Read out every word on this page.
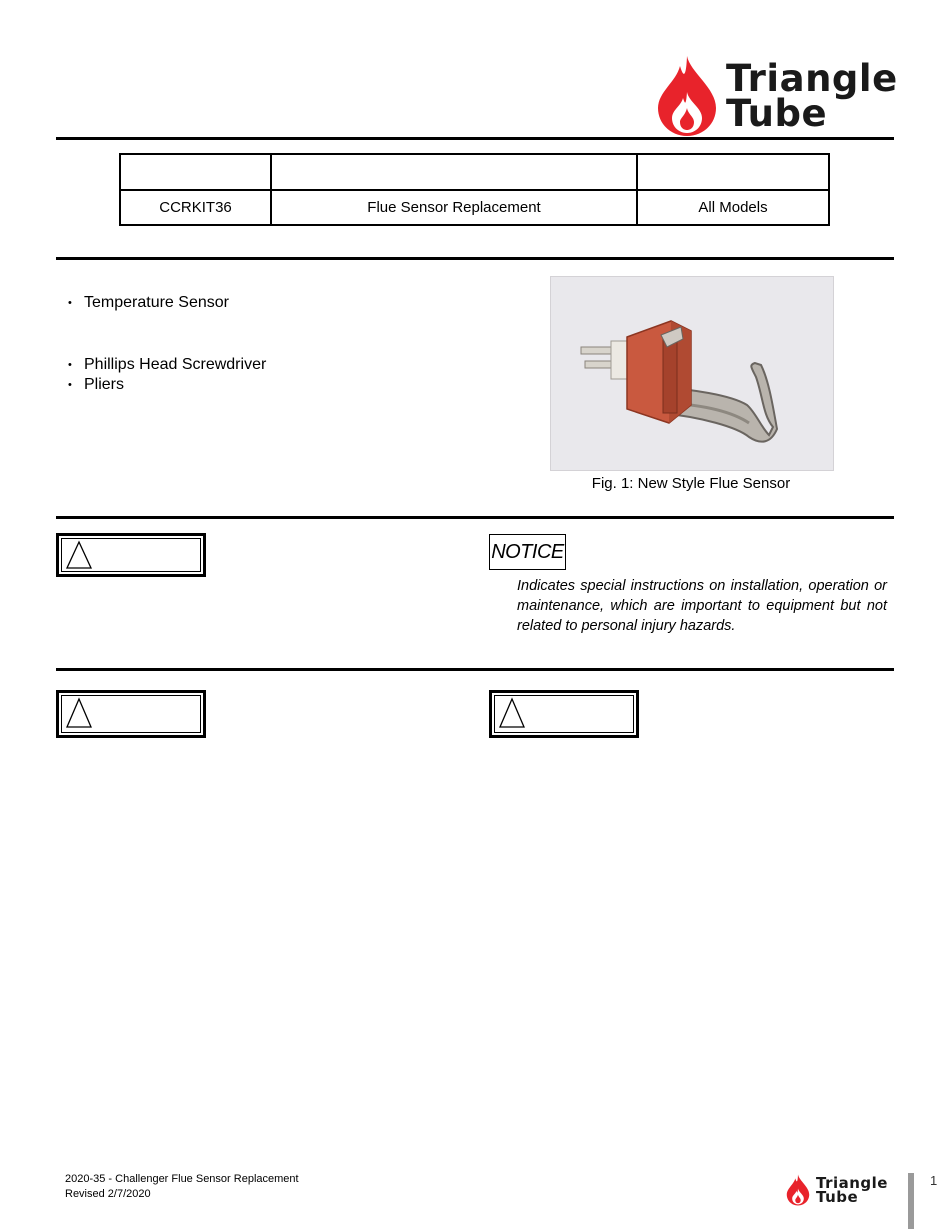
Triangle
Tube

CCRKIT36	Flue Sensor Replacement	All Models
• Temperature Sensor
• Phillips Head Screwdriver
• Pliers
Fig. 1: New Style Flue Sensor
NOTICE
Indicates special instructions on installation, operation or maintenance, which are important to equipment but not related to personal injury hazards.
2020-35 - Challenger Flue Sensor Replacement
Revised 2/7/2020
Triangle
Tube
1
